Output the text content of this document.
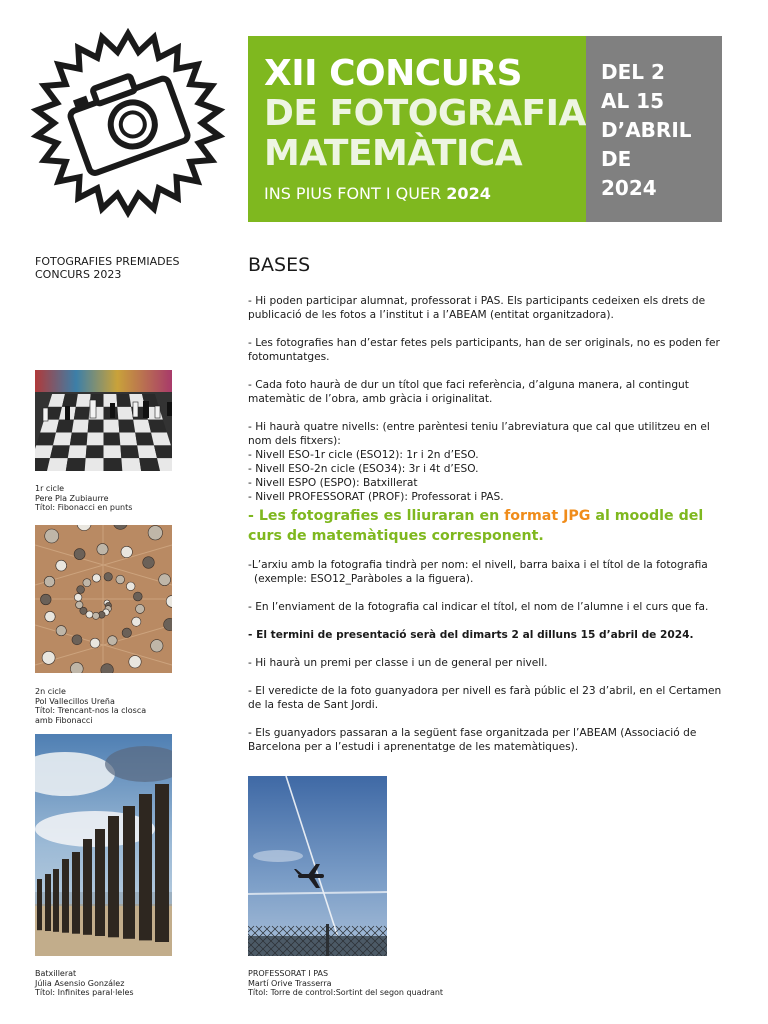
XII CONCURS
DE FOTOGRAFIA
MATEMÀTICA
INS PIUS FONT I QUER 2024
DEL 2
AL 15
D’ABRIL
DE
2024
FOTOGRAFIES PREMIADES
CONCURS 2023
1r cicle
Pere Pla Zubiaurre
Títol: Fibonacci en punts
2n cicle
Pol Vallecillos Ureña
Títol: Trencant-nos la closca
amb Fibonacci
Batxillerat
Júlia Asensio González
Títol: Infinites paral·leles
BASES

- Hi poden participar alumnat, professorat i PAS. Els participants cedeixen els drets de publicació de les fotos a l’institut i a l’ABEAM (entitat organitzadora).

- Les fotografies han d’estar fetes pels participants, han de ser originals, no es poden fer fotomuntatges.

- Cada foto haurà de dur un títol que faci referència, d’alguna manera, al contingut matemàtic de l’obra, amb gràcia i originalitat.

- Hi haurà quatre nivells: (entre parèntesi teniu l’abreviatura que cal que utilitzeu en el nom dels fitxers):

- Nivell ESO-1r cicle (ESO12): 1r i 2n d’ESO.

- Nivell ESO-2n cicle (ESO34): 3r i 4t d’ESO.

- Nivell ESPO (ESPO): Batxillerat

- Nivell PROFESSORAT (PROF): Professorat i PAS.

- Les fotografies es lliuraran en format JPG al moodle del curs de matemàtiques corresponent.

-L’arxiu amb la fotografia tindrà per nom: el nivell, barra baixa i el títol de la fotografia
(exemple: ESO12_Paràboles a la figuera).

- En l’enviament de la fotografia cal indicar el títol, el nom de l’alumne i el curs que fa.

- El termini de presentació serà del dimarts 2 al dilluns 15 d’abril de 2024.

- Hi haurà un premi per classe i un de general per nivell.

- El veredicte de la foto guanyadora per nivell es farà públic el 23 d’abril, en el Certamen de la festa de Sant Jordi.

- Els guanyadors passaran a la següent fase organitzada per l’ABEAM (Associació de Barcelona per a l’estudi i aprenentatge de les matemàtiques).

PROFESSORAT I PAS
Martí Orive Trasserra
Títol: Torre de control:Sortint del segon quadrant
